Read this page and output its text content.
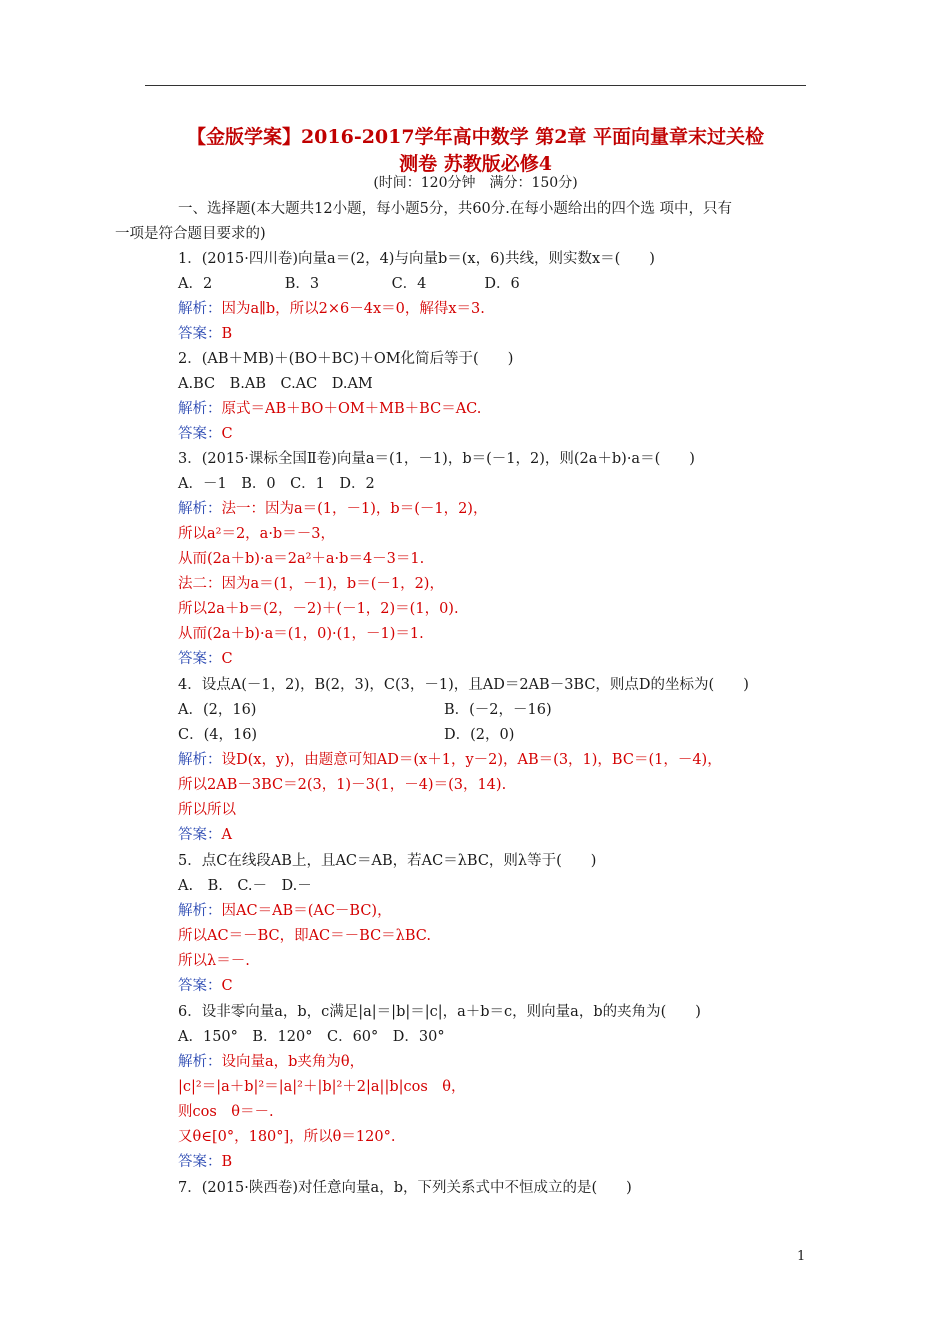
【金版学案】2016-2017学年高中数学 第2章 平面向量章末过关检
测卷 苏教版必修4
(时间：120分钟　满分：150分)
一、选择题(本大题共12小题，每小题5分，共60分.在每小题给出的四个选 项中，只有
一项是符合题目要求的)
1．(2015·四川卷)向量a＝(2，4)与向量b＝(x，6)共线，则实数x＝(　　)
A．2　　　　　B．3　　　　　C．4　　　　D．6
解析：因为a∥b，所以2×6－4x＝0，解得x＝3.
答案：B
2．(AB＋MB)＋(BO＋BC)＋OM化简后等于(　　)
A.BC　B.AB　C.AC　D.AM
解析：原式＝AB＋BO＋OM＋MB＋BC＝AC.
答案：C
3．(2015·课标全国Ⅱ卷)向量a＝(1，－1)，b＝(－1，2)，则(2a＋b)·a＝(　　)
A．－1　B．0　C．1　D．2
解析：法一：因为a＝(1，－1)，b＝(－1，2)，
所以a²＝2，a·b＝－3，
从而(2a＋b)·a＝2a²＋a·b＝4－3＝1.
法二：因为a＝(1，－1)，b＝(－1，2)，
所以2a＋b＝(2，－2)＋(－1，2)＝(1，0).
从而(2a＋b)·a＝(1，0)·(1，－1)＝1.
答案：C
4．设点A(－1，2)，B(2，3)，C(3，－1)，且AD＝2AB－3BC，则点D的坐标为(　　)
A．(2，16)	B．(－2，－16)
C．(4，16)	D．(2，0)
解析：设D(x，y)，由题意可知AD＝(x＋1，y－2)，AB＝(3，1)，BC＝(1，－4)，
所以2AB－3BC＝2(3，1)－3(1，－4)＝(3，14).
所以所以
答案：A
5．点C在线段AB上，且AC＝AB，若AC＝λBC，则λ等于(　　)
A.　B.　C.－　D.－
解析：因AC＝AB＝(AC－BC)，
所以AC＝－BC，即AC＝－BC＝λBC.
所以λ＝－.
答案：C
6．设非零向量a，b，c满足|a|＝|b|＝|c|，a＋b＝c，则向量a，b的夹角为(　　)
A．150°　B．120°　C．60°　D．30°
解析：设向量a，b夹角为θ，
|c|²＝|a＋b|²＝|a|²＋|b|²＋2|a||b|cos　θ，
则cos　θ＝－.
又θ∈[0°，180°]，所以θ＝120°.
答案：B
7．(2015·陕西卷)对任意向量a，b，下列关系式中不恒成立的是(　　)
1
